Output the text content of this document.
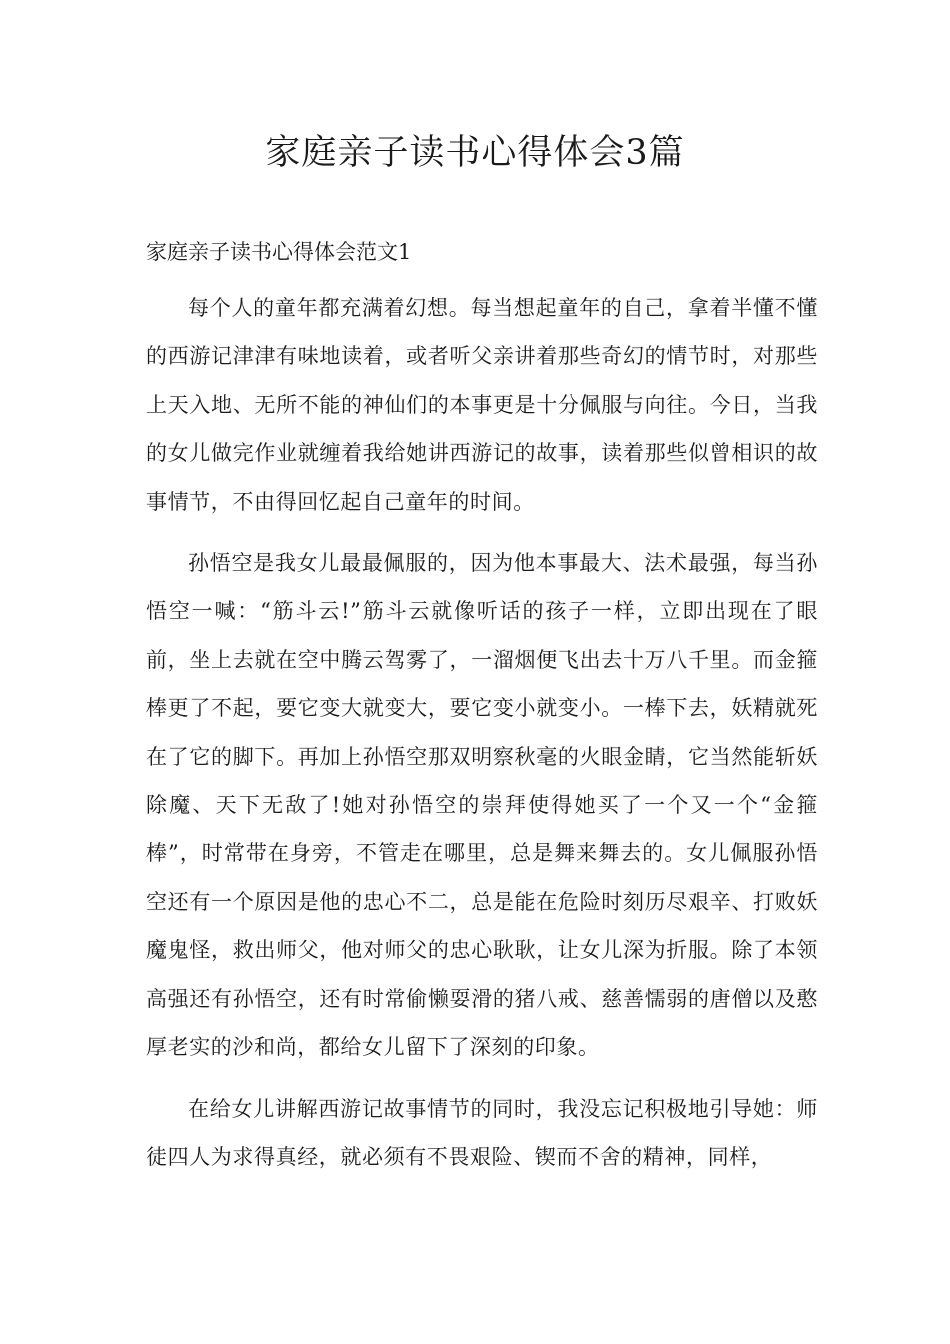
家庭亲子读书心得体会3篇

家庭亲子读书心得体会范文1

每个人的童年都充满着幻想。每当想起童年的自己，拿着半懂不懂的西游记津津有味地读着，或者听父亲讲着那些奇幻的情节时，对那些上天入地、无所不能的神仙们的本事更是十分佩服与向往。今日，当我的女儿做完作业就缠着我给她讲西游记的故事，读着那些似曾相识的故事情节，不由得回忆起自己童年的时间。

孙悟空是我女儿最最佩服的，因为他本事最大、法术最强，每当孙悟空一喊：“筋斗云!”筋斗云就像听话的孩子一样，立即出现在了眼前，坐上去就在空中腾云驾雾了，一溜烟便飞出去十万八千里。而金箍棒更了不起，要它变大就变大，要它变小就变小。一棒下去，妖精就死在了它的脚下。再加上孙悟空那双明察秋毫的火眼金睛，它当然能斩妖除魔、天下无敌了!她对孙悟空的崇拜使得她买了一个又一个“金箍棒”，时常带在身旁，不管走在哪里，总是舞来舞去的。女儿佩服孙悟空还有一个原因是他的忠心不二，总是能在危险时刻历尽艰辛、打败妖魔鬼怪，救出师父，他对师父的忠心耿耿，让女儿深为折服。除了本领高强还有孙悟空，还有时常偷懒耍滑的猪八戒、慈善懦弱的唐僧以及憨厚老实的沙和尚，都给女儿留下了深刻的印象。

在给女儿讲解西游记故事情节的同时，我没忘记积极地引导她：师徒四人为求得真经，就必须有不畏艰险、锲而不舍的精神，同样，
